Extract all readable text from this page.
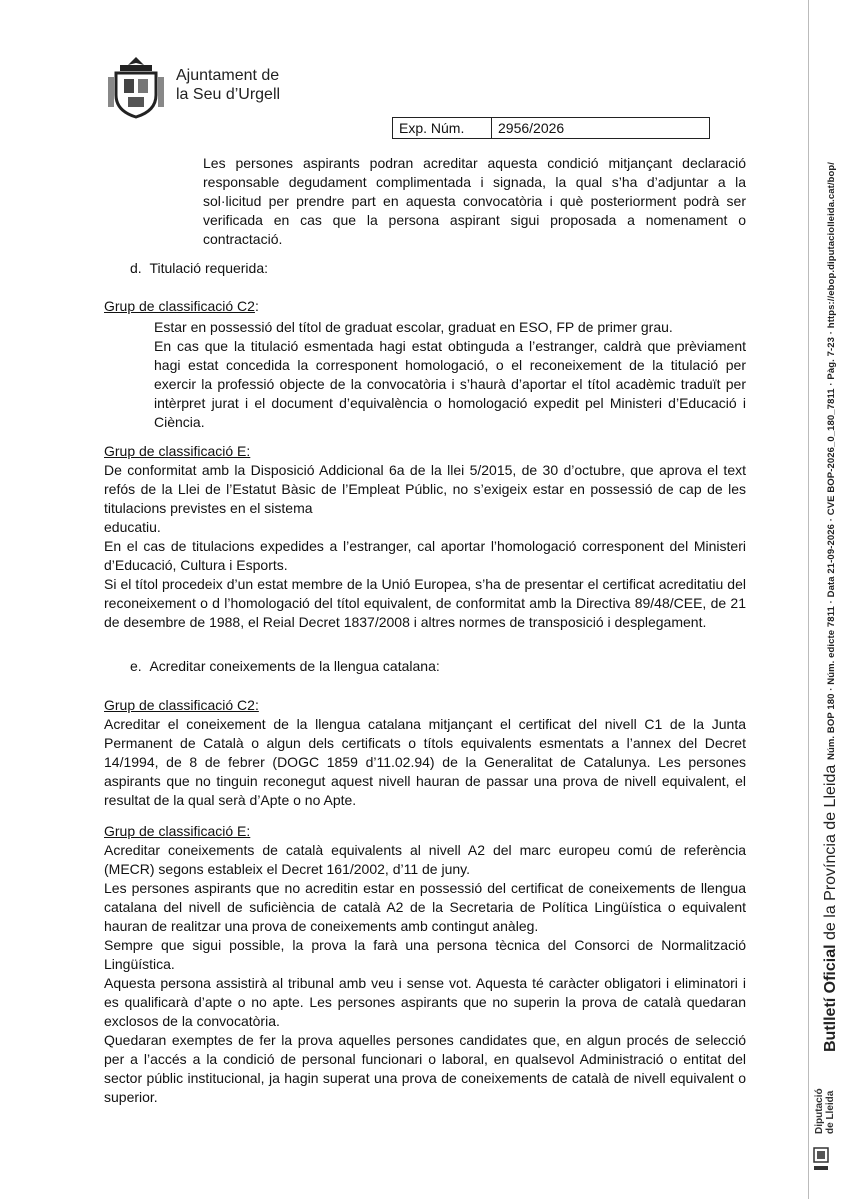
Ajuntament de
la Seu d’Urgell
Exp. Núm.	2956/2026

Les persones aspirants podran acreditar aquesta condició mitjançant declaració responsable degudament complimentada i signada, la qual s’ha d’adjuntar a la sol·licitud per prendre part en aquesta convocatòria i què posteriorment podrà ser verificada en cas que la persona aspirant sigui proposada a nomenament o contractació.

d.  Titulació requerida:

Grup de classificació C2:

Estar en possessió del títol de graduat escolar, graduat en ESO, FP de primer grau.

En cas que la titulació esmentada hagi estat obtinguda a l’estranger, caldrà que prèviament hagi estat concedida la corresponent homologació, o el reconeixement de la titulació per exercir la professió objecte de la convocatòria i s’haurà d’aportar el títol acadèmic traduït per intèrpret jurat i el document d’equivalència o homologació expedit pel Ministeri d’Educació i Ciència.

Grup de classificació E:

De conformitat amb la Disposició Addicional 6a de la llei 5/2015, de 30 d’octubre, que aprova el text refós de la Llei de l’Estatut Bàsic de l’Empleat Públic, no s’exigeix estar en possessió de cap de les titulacions previstes en el sistema

educatiu.

En el cas de titulacions expedides a l’estranger, cal aportar l’homologació corresponent del Ministeri d’Educació, Cultura i Esports.

Si el títol procedeix d’un estat membre de la Unió Europea, s’ha de presentar el certificat acreditatiu del reconeixement o d l’homologació del títol equivalent, de conformitat amb la Directiva 89/48/CEE, de 21 de desembre de 1988, el Reial Decret 1837/2008 i altres normes de transposició i desplegament.

e.  Acreditar coneixements de la llengua catalana:

Grup de classificació C2:

Acreditar el coneixement de la llengua catalana mitjançant el certificat del nivell C1 de la Junta Permanent de Català o algun dels certificats o títols equivalents esmentats a l’annex del Decret 14/1994, de 8 de febrer (DOGC 1859 d’11.02.94) de la Generalitat de Catalunya. Les persones aspirants que no tinguin reconegut aquest nivell hauran de passar una prova de nivell equivalent, el resultat de la qual serà d’Apte o no Apte.

Grup de classificació E:

Acreditar coneixements de català equivalents al nivell A2 del marc europeu comú de referència (MECR) segons estableix el Decret 161/2002, d’11 de juny.

Les persones aspirants que no acreditin estar en possessió del certificat de coneixements de llengua catalana del nivell de suficiència de català A2 de la Secretaria de Política Lingüística o equivalent hauran de realitzar una prova de coneixements amb contingut anàleg.

Sempre que sigui possible, la prova la farà una persona tècnica del Consorci de Normalització Lingüística.

Aquesta persona assistirà al tribunal amb veu i sense vot. Aquesta té caràcter obligatori i eliminatori i es qualificarà d’apte o no apte. Les persones aspirants que no superin la prova de català quedaran exclosos de la convocatòria.

Quedaran exemptes de fer la prova aquelles persones candidates que, en algun procés de selecció per a l’accés a la condició de personal funcionari o laboral, en qualsevol Administració o entitat del sector públic institucional, ja hagin superat una prova de coneixements de català de nivell equivalent o superior.

Núm. BOP 180 · Núm. edicte 7811 · Data 21-09-2026 · CVE BOP-2026_0_180_7811 · Pàg. 7-23 · https://ebop.diputaciolleida.cat/bop/
Butlletí Oficial de la Província de Lleida
Diputació de Lleida
